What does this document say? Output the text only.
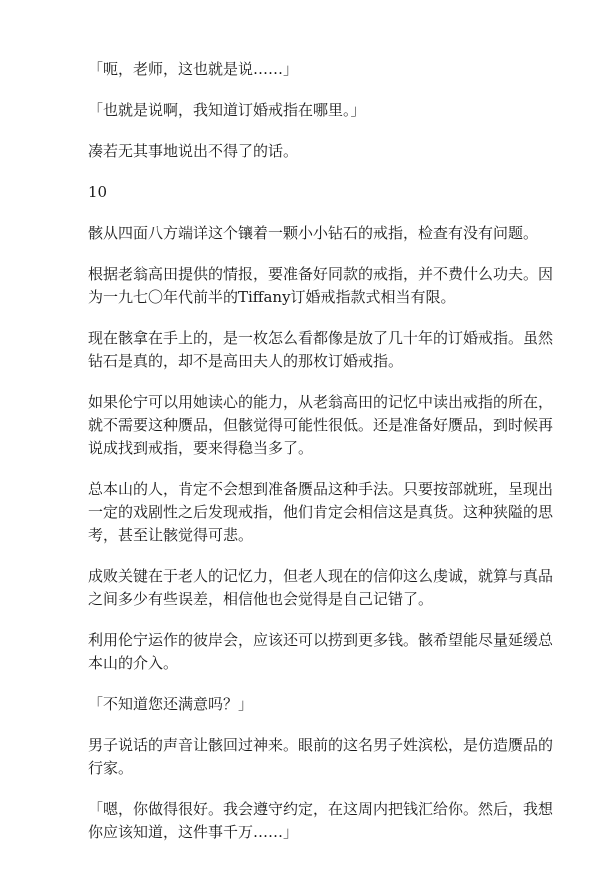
「呃，老师，这也就是说……」

「也就是说啊，我知道订婚戒指在哪里。」

凑若无其事地说出不得了的话。

10

骸从四面八方端详这个镶着一颗小小钻石的戒指，检查有没有问题。

根据老翁高田提供的情报，要准备好同款的戒指，并不费什么功夫。因为一九七〇年代前半的Tiffany订婚戒指款式相当有限。

现在骸拿在手上的，是一枚怎么看都像是放了几十年的订婚戒指。虽然钻石是真的，却不是高田夫人的那枚订婚戒指。

如果伦宁可以用她读心的能力，从老翁高田的记忆中读出戒指的所在，就不需要这种赝品，但骸觉得可能性很低。还是准备好赝品，到时候再说成找到戒指，要来得稳当多了。

总本山的人，肯定不会想到准备赝品这种手法。只要按部就班，呈现出一定的戏剧性之后发现戒指，他们肯定会相信这是真货。这种狭隘的思考，甚至让骸觉得可悲。

成败关键在于老人的记忆力，但老人现在的信仰这么虔诚，就算与真品之间多少有些误差，相信他也会觉得是自己记错了。

利用伦宁运作的彼岸会，应该还可以捞到更多钱。骸希望能尽量延缓总本山的介入。

「不知道您还满意吗？」

男子说话的声音让骸回过神来。眼前的这名男子姓滨松，是仿造赝品的行家。

「嗯，你做得很好。我会遵守约定，在这周内把钱汇给你。然后，我想你应该知道，这件事千万……」
